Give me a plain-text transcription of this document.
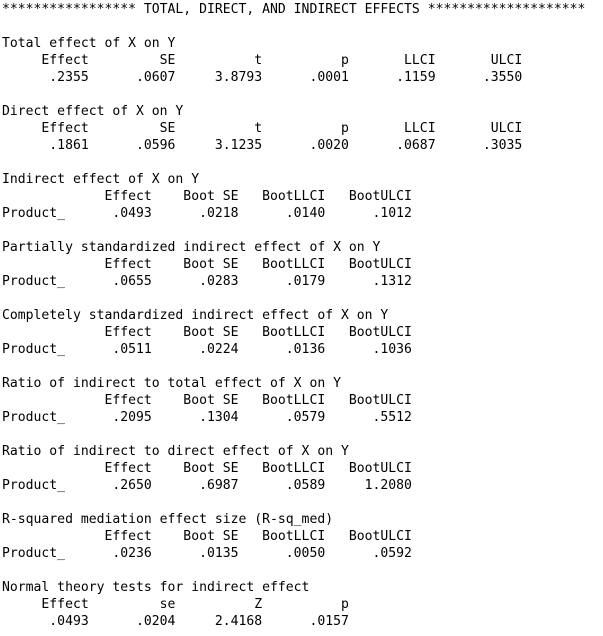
***************** TOTAL, DIRECT, AND INDIRECT EFFECTS ********************
Total effect of X on Y
Effect         SE          t          p       LLCI       ULCI
.2355      .0607     3.8793      .0001      .1159      .3550
Direct effect of X on Y
Effect         SE          t          p       LLCI       ULCI
.1861      .0596     3.1235      .0020      .0687      .3035
Indirect effect of X on Y
Effect    Boot SE   BootLLCI   BootULCI
Product_      .0493      .0218      .0140      .1012
Partially standardized indirect effect of X on Y
Effect    Boot SE   BootLLCI   BootULCI
Product_      .0655      .0283      .0179      .1312
Completely standardized indirect effect of X on Y
Effect    Boot SE   BootLLCI   BootULCI
Product_      .0511      .0224      .0136      .1036
Ratio of indirect to total effect of X on Y
Effect    Boot SE   BootLLCI   BootULCI
Product_      .2095      .1304      .0579      .5512
Ratio of indirect to direct effect of X on Y
Effect    Boot SE   BootLLCI   BootULCI
Product_      .2650      .6987      .0589     1.2080
R-squared mediation effect size (R-sq_med)
Effect    Boot SE   BootLLCI   BootULCI
Product_      .0236      .0135      .0050      .0592
Normal theory tests for indirect effect
Effect         se          Z          p
.0493      .0204     2.4168      .0157
